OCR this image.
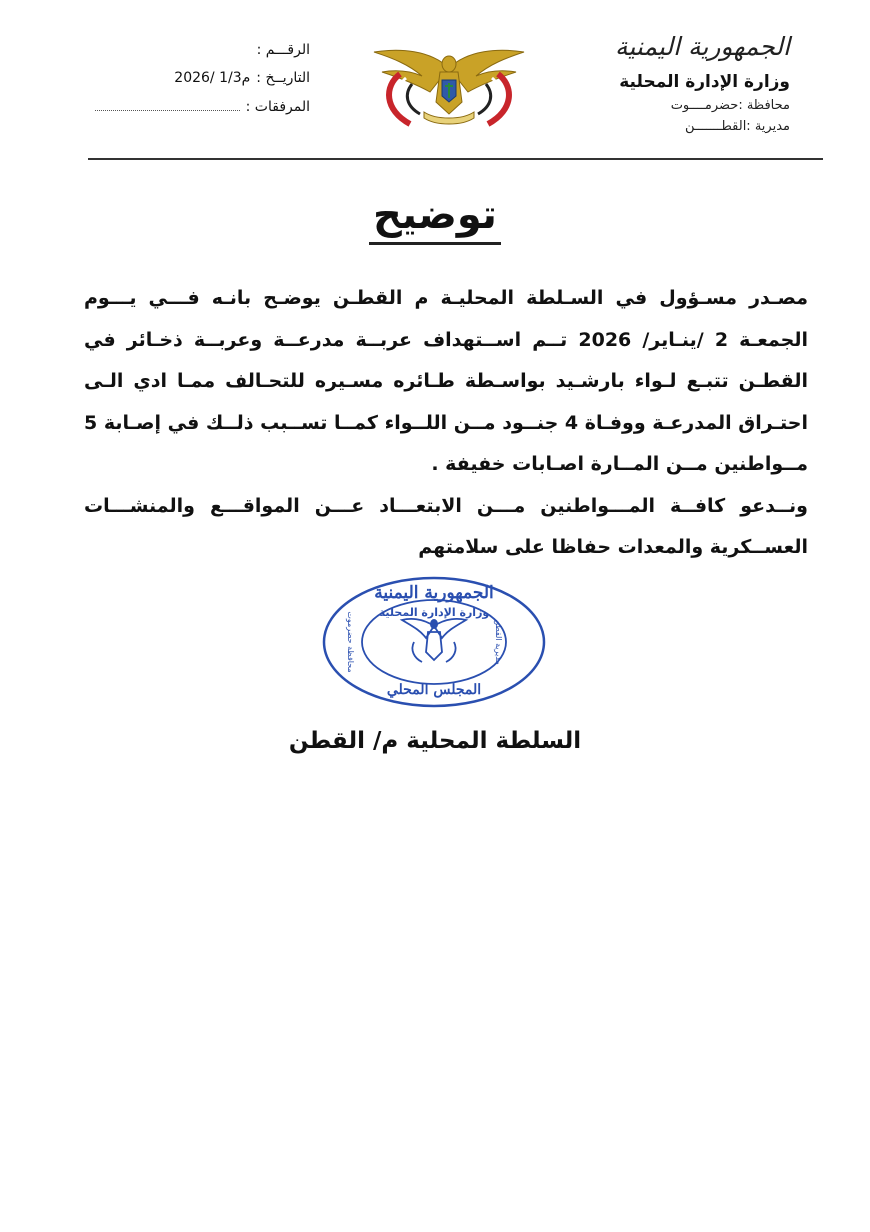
الجمهورية اليمنية
وزارة الإدارة المحلية
محافظة :حضرمــــوت
مديرية :القطـــــــن
الرقـــم :
التاريــخ :
2026/ 1/3م
المرفقات :
توضيح

مصـدر مسـؤول في السـلطة المحليـة م القطـن يوضـح بانـه فـــي يـــوم الجمعـة 2 /ينـاير/ 2026 تــم اســتهداف عربــة مدرعــة وعربــة ذخـائر في القطـن تتبـع لـواء بارشـيد بواسـطة طـائره مسـيره للتحـالف ممـا ادي الـى احتـراق المدرعـة ووفـاة 4 جنــود مــن اللــواء كمــا تســبب ذلــك في إصـابة 5 مــواطنين مــن المــارة اصـابات خفيفة .

ونــدعو كافــة المـــواطنين مـــن الابتعـــاد عـــن المواقـــع والمنشـــات العســكرية والمعدات حفاظا على سلامتهم

الجمهورية اليمنية
وزارة الإدارة المحلية
مديرية القطن
محافظة حضرموت
المجلس المحلي
السلطة المحلية م/ القطن
